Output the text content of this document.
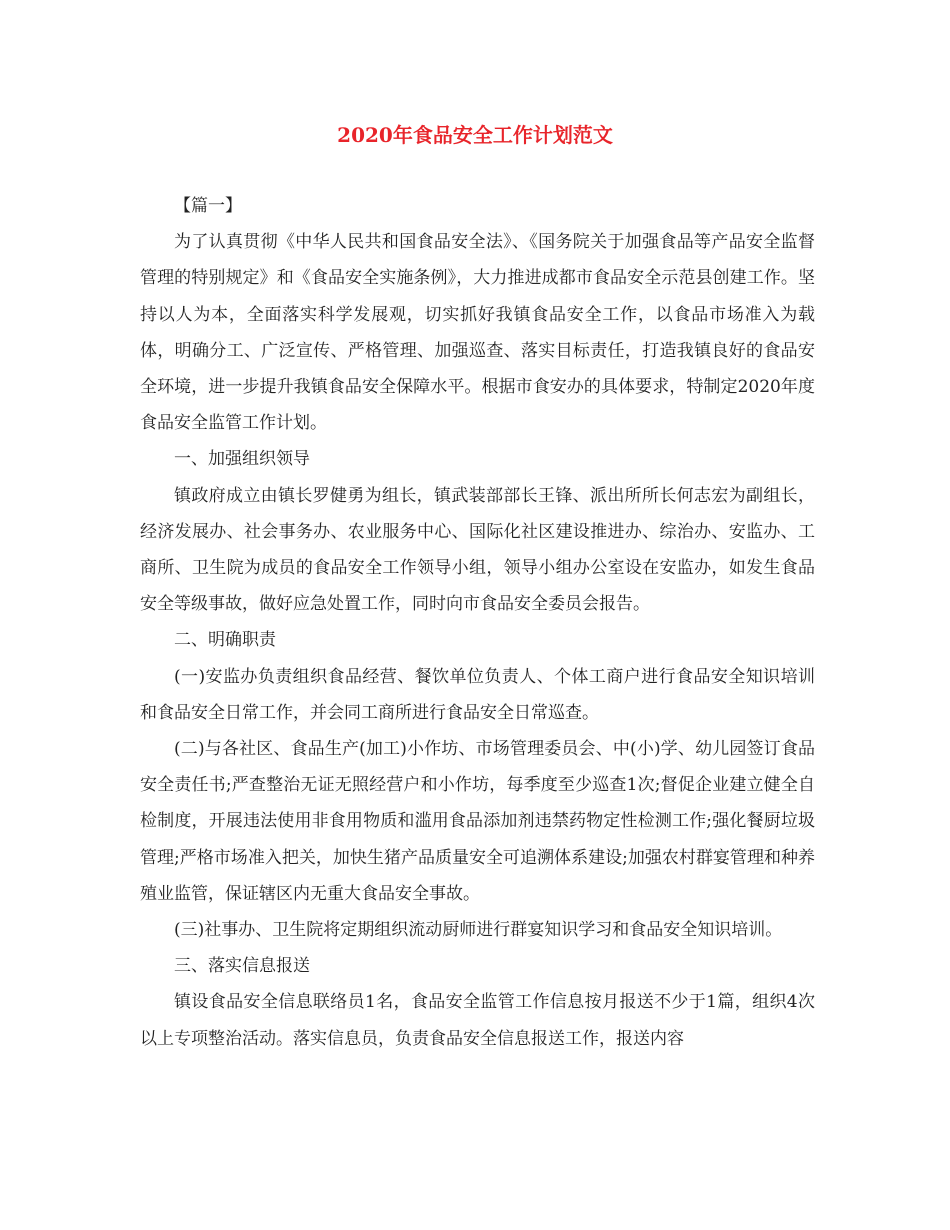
2020年食品安全工作计划范文

【篇一】

为了认真贯彻《中华人民共和国食品安全法》、《国务院关于加强食品等产品安全监督管理的特别规定》和《食品安全实施条例》，大力推进成都市食品安全示范县创建工作。坚持以人为本，全面落实科学发展观，切实抓好我镇食品安全工作，以食品市场准入为载体，明确分工、广泛宣传、严格管理、加强巡查、落实目标责任，打造我镇良好的食品安全环境，进一步提升我镇食品安全保障水平。根据市食安办的具体要求，特制定2020年度食品安全监管工作计划。

一、加强组织领导

镇政府成立由镇长罗健勇为组长，镇武装部部长王锋、派出所所长何志宏为副组长，经济发展办、社会事务办、农业服务中心、国际化社区建设推进办、综治办、安监办、工商所、卫生院为成员的食品安全工作领导小组，领导小组办公室设在安监办，如发生食品安全等级事故，做好应急处置工作，同时向市食品安全委员会报告。

二、明确职责

(一)安监办负责组织食品经营、餐饮单位负责人、个体工商户进行食品安全知识培训和食品安全日常工作，并会同工商所进行食品安全日常巡查。

(二)与各社区、食品生产(加工)小作坊、市场管理委员会、中(小)学、幼儿园签订食品安全责任书;严查整治无证无照经营户和小作坊，每季度至少巡查1次;督促企业建立健全自检制度，开展违法使用非食用物质和滥用食品添加剂违禁药物定性检测工作;强化餐厨垃圾管理;严格市场准入把关，加快生猪产品质量安全可追溯体系建设;加强农村群宴管理和种养殖业监管，保证辖区内无重大食品安全事故。

(三)社事办、卫生院将定期组织流动厨师进行群宴知识学习和食品安全知识培训。

三、落实信息报送

镇设食品安全信息联络员1名，食品安全监管工作信息按月报送不少于1篇，组织4次以上专项整治活动。落实信息员，负责食品安全信息报送工作，报送内容
